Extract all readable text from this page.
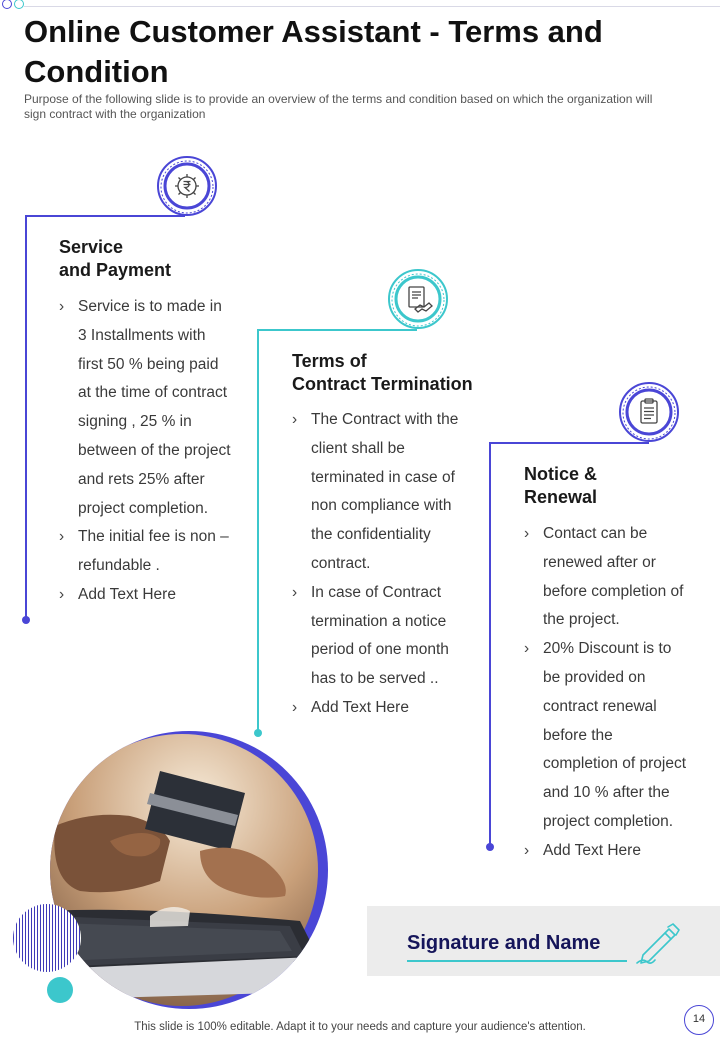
Online Customer Assistant - Terms and Condition

Purpose of the following slide is to provide an overview of the terms and condition based on which the organization will sign contract with the organization

Service
and Payment
› Service is to made in 3 Installments with first 50 % being paid at the time of contract signing , 25 % in between of the project and rets 25% after project completion.
› The initial fee is non – refundable .
› Add Text Here
Terms of
Contract Termination
› The Contract with the client shall be terminated in case of non compliance with the confidentiality contract.
› In case of Contract termination a notice period of one month has to be served ..
› Add Text Here
Notice &
Renewal
› Contact can be renewed after or before completion of the project.
› 20% Discount is to be provided on contract renewal before the completion of project and 10 % after the project completion.
› Add Text Here

Signature and Name

This slide is 100% editable. Adapt it to your needs and capture your audience's attention.

14
